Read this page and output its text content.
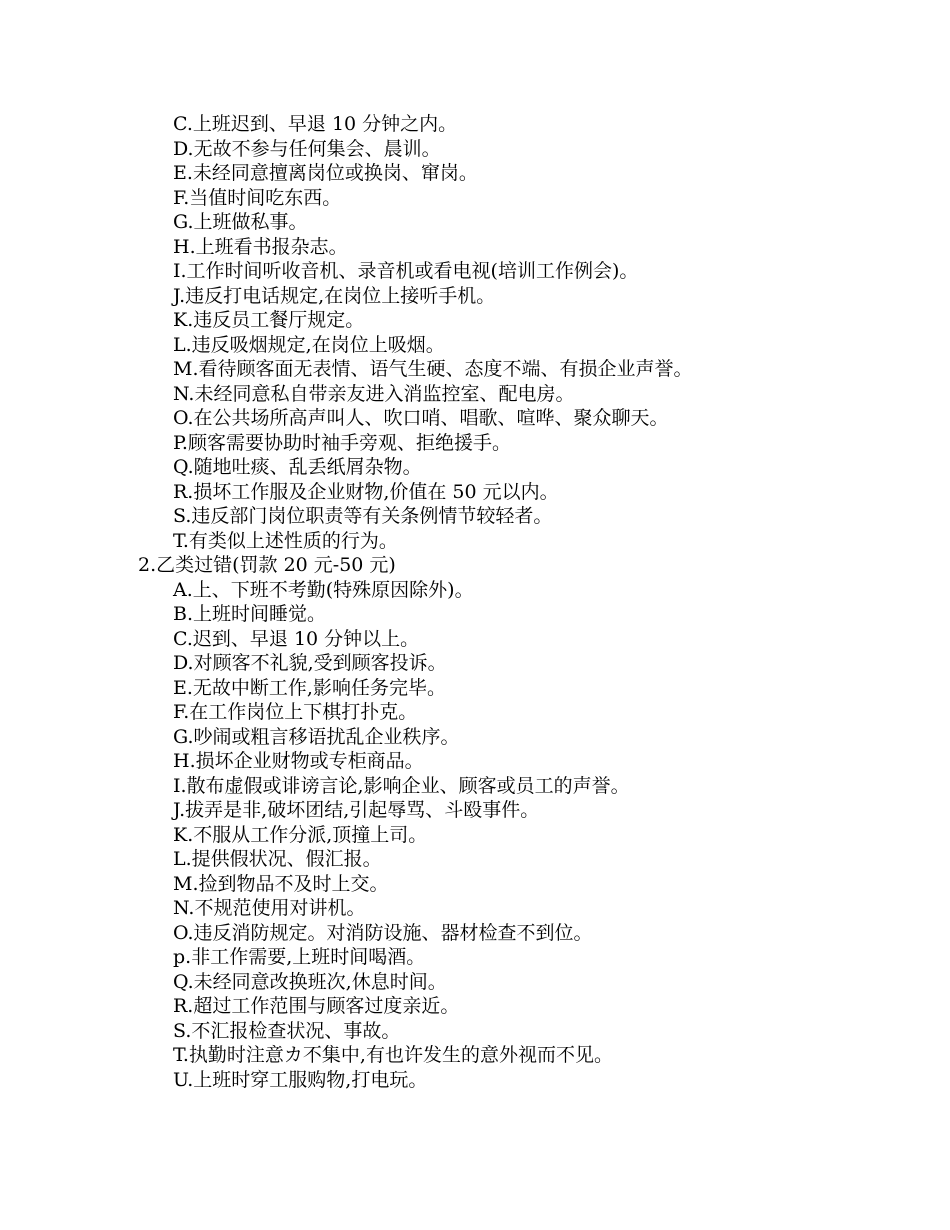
C.上班迟到、早退 10 分钟之内。
D.无故不参与任何集会、晨训。
E.未经同意擅离岗位或换岗、窜岗。
F.当值时间吃东西。
G.上班做私事。
H.上班看书报杂志。
I.工作时间听收音机、录音机或看电视(培训工作例会)。
J.违反打电话规定,在岗位上接听手机。
K.违反员工餐厅规定。
L.违反吸烟规定,在岗位上吸烟。
M.看待顾客面无表情、语气生硬、态度不端、有损企业声誉。
N.未经同意私自带亲友进入消监控室、配电房。
O.在公共场所高声叫人、吹口哨、唱歌、喧哗、聚众聊天。
P.顾客需要协助时袖手旁观、拒绝援手。
Q.随地吐痰、乱丢纸屑杂物。
R.损坏工作服及企业财物,价值在 50 元以内。
S.违反部门岗位职责等有关条例情节较轻者。
T.有类似上述性质的行为。
2.乙类过错(罚款 20 元-50 元)
A.上、下班不考勤(特殊原因除外)。
B.上班时间睡觉。
C.迟到、早退 10 分钟以上。
D.对顾客不礼貌,受到顾客投诉。
E.无故中断工作,影响任务完毕。
F.在工作岗位上下棋打扑克。
G.吵闹或粗言移语扰乱企业秩序。
H.损坏企业财物或专柜商品。
I.散布虚假或诽谤言论,影响企业、顾客或员工的声誉。
J.拔弄是非,破坏团结,引起辱骂、斗殴事件。
K.不服从工作分派,顶撞上司。
L.提供假状况、假汇报。
M.捡到物品不及时上交。
N.不规范使用对讲机。
O.违反消防规定。对消防设施、器材检查不到位。
p.非工作需要,上班时间喝酒。
Q.未经同意改换班次,休息时间。
R.超过工作范围与顾客过度亲近。
S.不汇报检查状况、事故。
T.执勤时注意カ不集中,有也许发生的意外视而不见。
U.上班时穿工服购物,打电玩。
